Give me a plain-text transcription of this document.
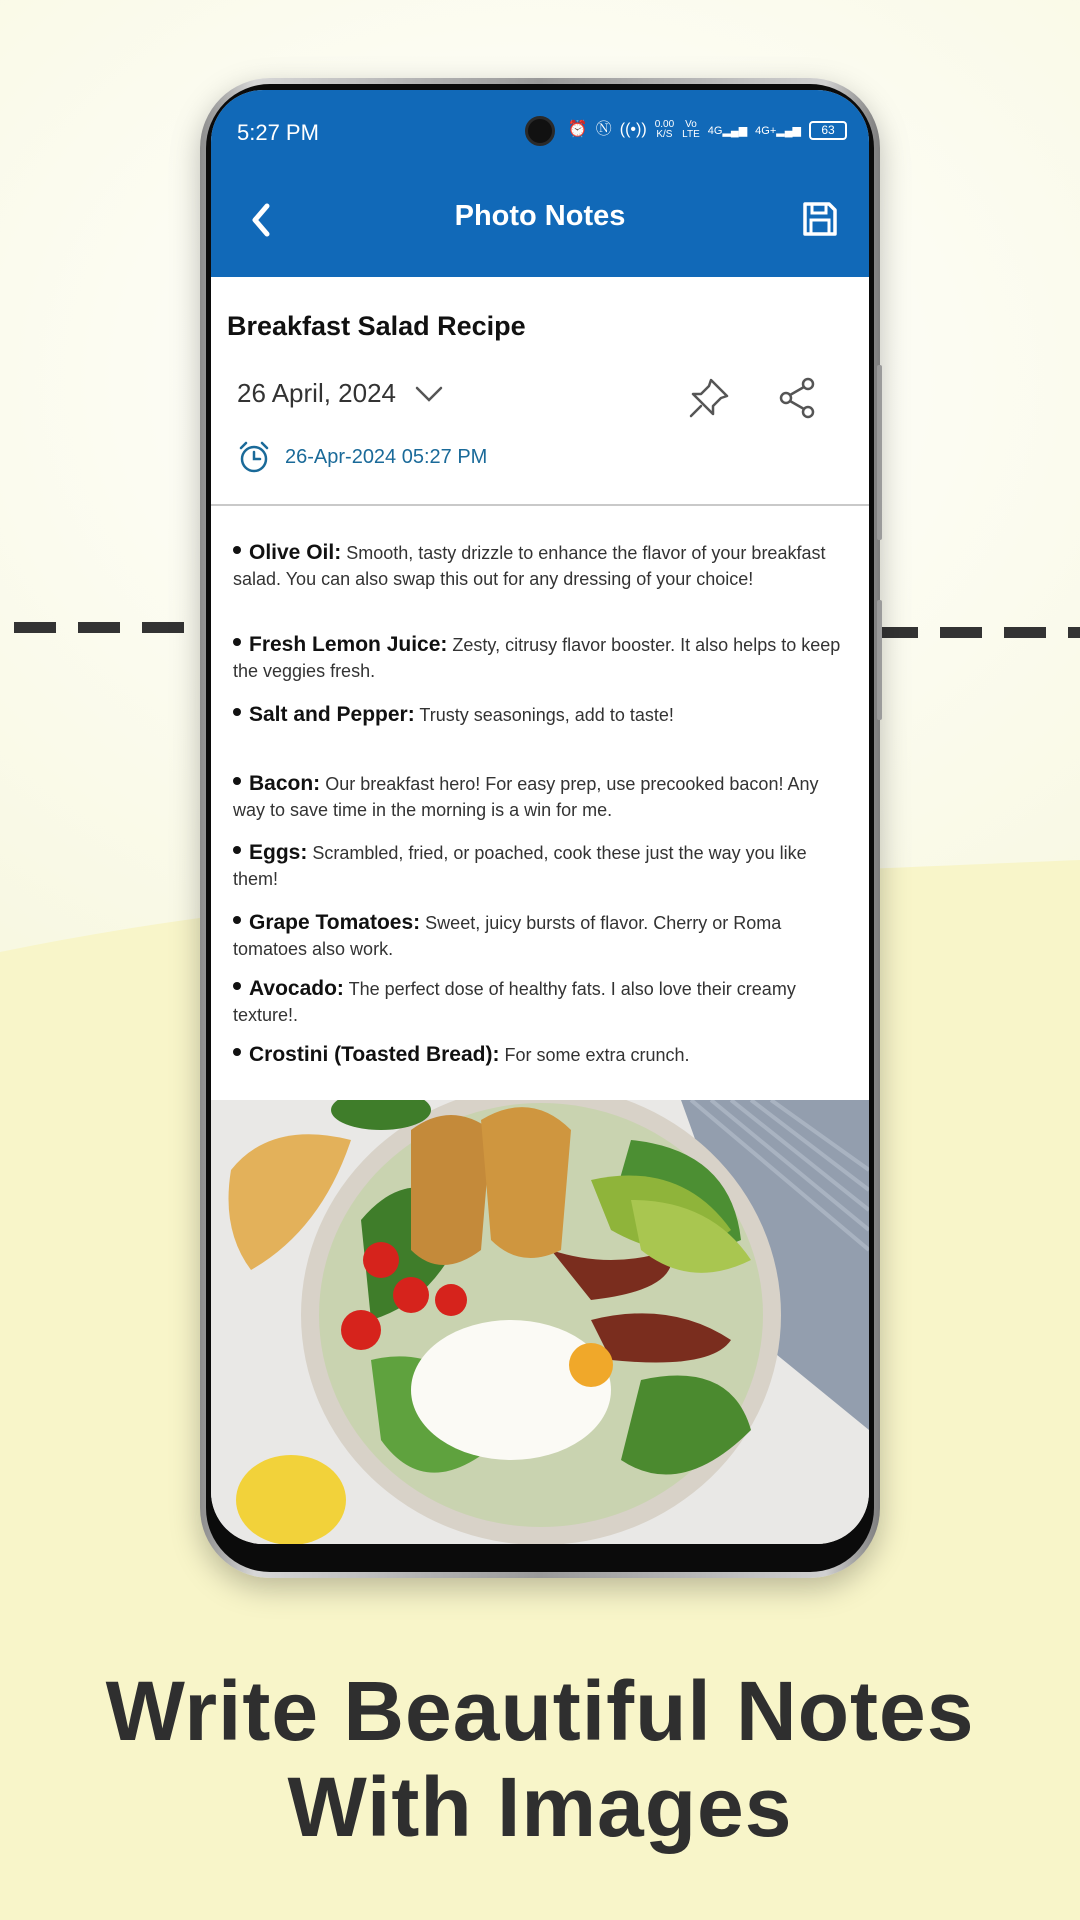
5:27 PM	⏰ Ⓝ ((•)) 0.00
K/S
Vo
LTE 4G▂▄▆ 4G+▂▄▆	63
Photo Notes
Breakfast Salad Recipe
26 April, 2024
26-Apr-2024 05:27 PM
Olive Oil: Smooth, tasty drizzle to enhance the flavor of your breakfast salad. You can also swap this out for any dressing of your choice!
Fresh Lemon Juice: Zesty, citrusy flavor booster. It also helps to keep the veggies fresh.
Salt and Pepper: Trusty seasonings, add to taste!
Bacon: Our breakfast hero! For easy prep, use precooked bacon! Any way to save time in the morning is a win for me.
Eggs: Scrambled, fried, or poached, cook these just the way you like them!
Grape Tomatoes: Sweet, juicy bursts of flavor. Cherry or Roma tomatoes also work.
Avocado: The perfect dose of healthy fats. I also love their creamy texture!.
Crostini (Toasted Bread): For some extra crunch.
Write Beautiful Notes
With Images
